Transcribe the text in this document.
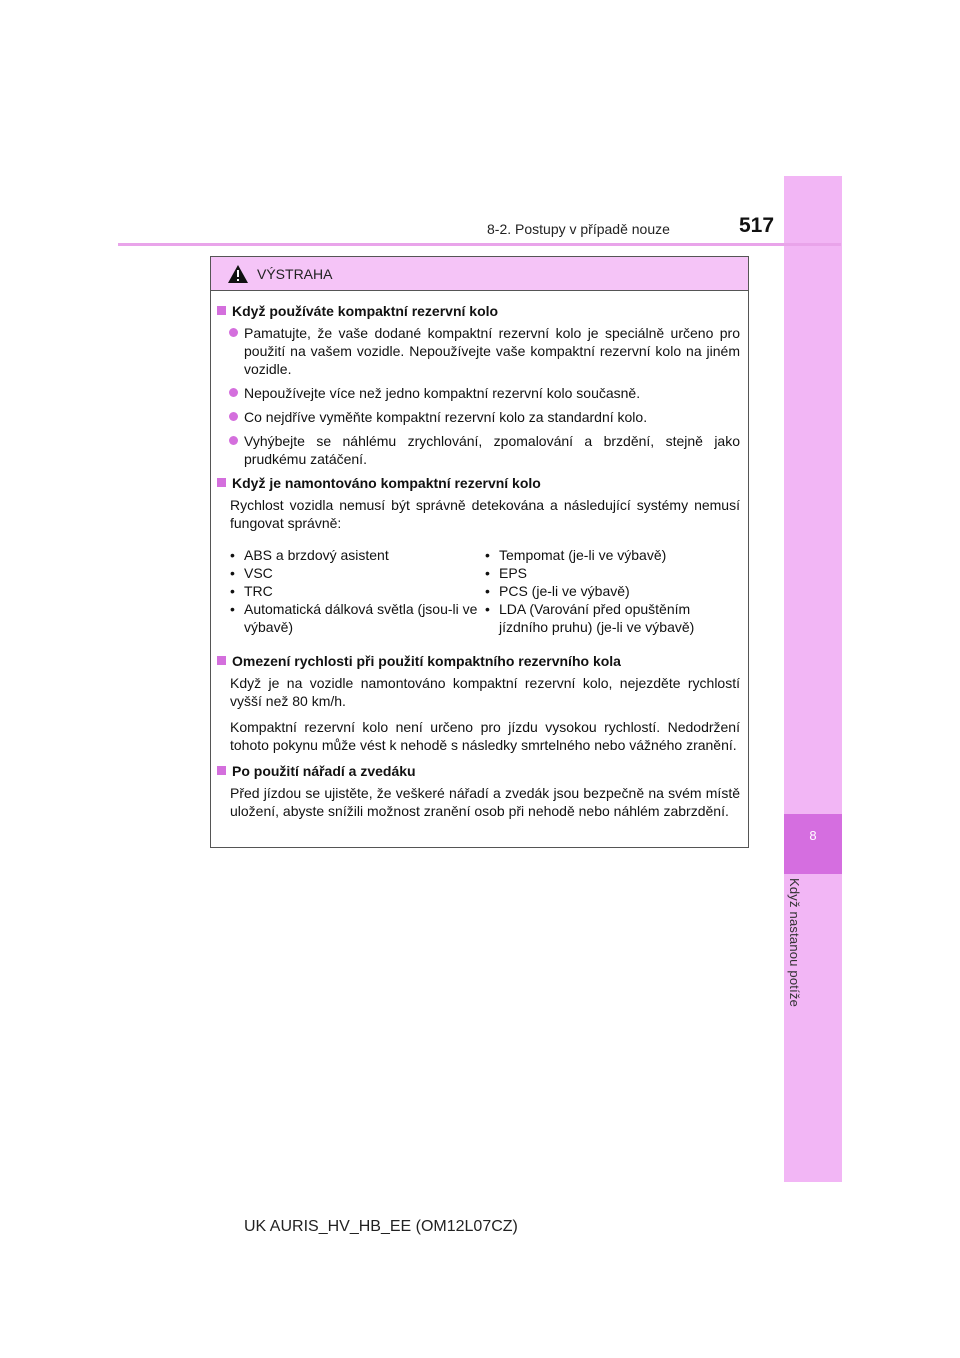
8
Když nastanou potíže
8-2. Postupy v případě nouze	517
VÝSTRAHA
Když používáte kompaktní rezervní kolo
Pamatujte, že vaše dodané kompaktní rezervní kolo je speciálně určeno pro použití na vašem vozidle. Nepoužívejte vaše kompaktní rezervní kolo na jiném vozidle.
Nepoužívejte více než jedno kompaktní rezervní kolo současně.
Co nejdříve vyměňte kompaktní rezervní kolo za standardní kolo.
Vyhýbejte se náhlému zrychlování, zpomalování a brzdění, stejně jako prudkému zatáčení.
Když je namontováno kompaktní rezervní kolo
Rychlost vozidla nemusí být správně detekována a následující systémy nemusí fungovat správně:
• ABS a brzdový asistent
• VSC
• TRC
• Automatická dálková světla (jsou-li ve výbavě)
• Tempomat (je-li ve výbavě)
• EPS
• PCS (je-li ve výbavě)
• LDA (Varování před opuštěním jízdního pruhu) (je-li ve výbavě)
Omezení rychlosti při použití kompaktního rezervního kola
Když je na vozidle namontováno kompaktní rezervní kolo, nejezděte rychlostí vyšší než 80 km/h.
Kompaktní rezervní kolo není určeno pro jízdu vysokou rychlostí. Nedodržení tohoto pokynu může vést k nehodě s následky smrtelného nebo vážného zranění.
Po použití nářadí a zvedáku
Před jízdou se ujistěte, že veškeré nářadí a zvedák jsou bezpečně na svém místě uložení, abyste snížili možnost zranění osob při nehodě nebo náhlém zabrzdění.
UK AURIS_HV_HB_EE (OM12L07CZ)
